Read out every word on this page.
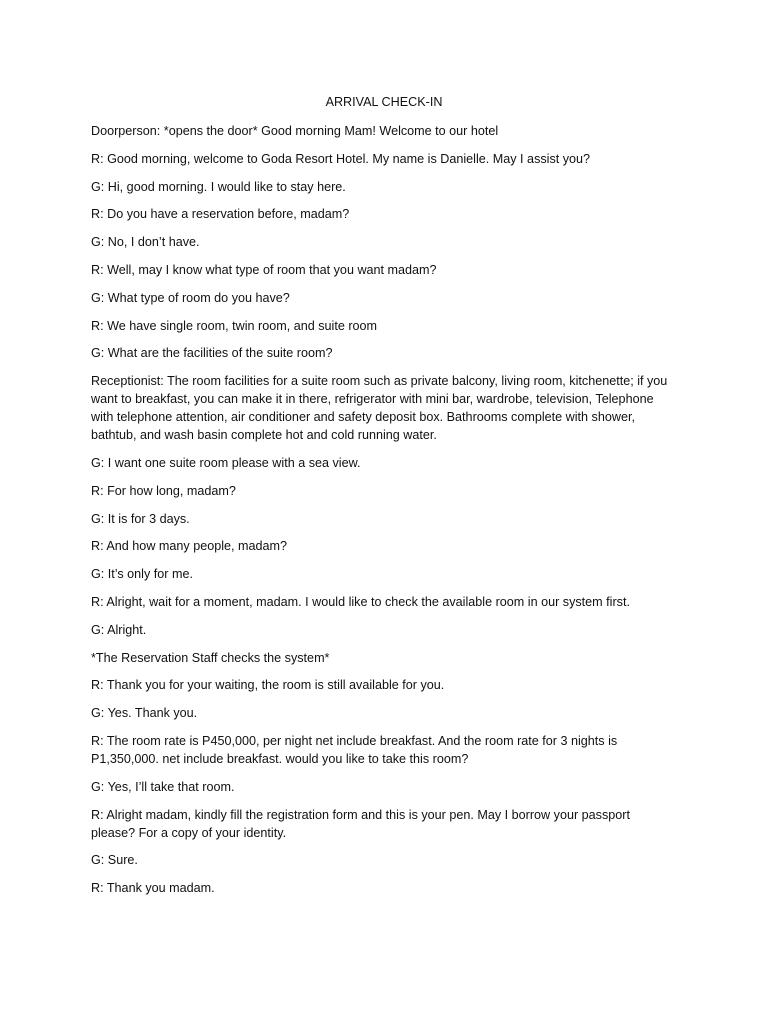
ARRIVAL CHECK-IN
Doorperson: *opens the door* Good morning Mam! Welcome to our hotel
R: Good morning, welcome to Goda Resort Hotel. My name is Danielle. May I assist you?
G: Hi, good morning. I would like to stay here.
R: Do you have a reservation before, madam?
G: No, I don’t have.
R: Well, may I know what type of room that you want madam?
G: What type of room do you have?
R: We have single room, twin room, and suite room
G: What are the facilities of the suite room?
Receptionist: The room facilities for a suite room such as private balcony, living room, kitchenette; if you want to breakfast, you can make it in there, refrigerator with mini bar, wardrobe, television, Telephone with telephone attention, air conditioner and safety deposit box. Bathrooms complete with shower, bathtub, and wash basin complete hot and cold running water.
G: I want one suite room please with a sea view.
R: For how long, madam?
G: It is for 3 days.
R: And how many people, madam?
G: It’s only for me.
R: Alright, wait for a moment, madam. I would like to check the available room in our system first.
G: Alright.
*The Reservation Staff checks the system*
R: Thank you for your waiting, the room is still available for you.
G: Yes. Thank you.
R: The room rate is P450,000, per night net include breakfast. And the room rate for 3 nights is P1,350,000. net include breakfast. would you like to take this room?
G: Yes, I’ll take that room.
R: Alright madam, kindly fill the registration form and this is your pen. May I borrow your passport please? For a copy of your identity.
G: Sure.
R: Thank you madam.
